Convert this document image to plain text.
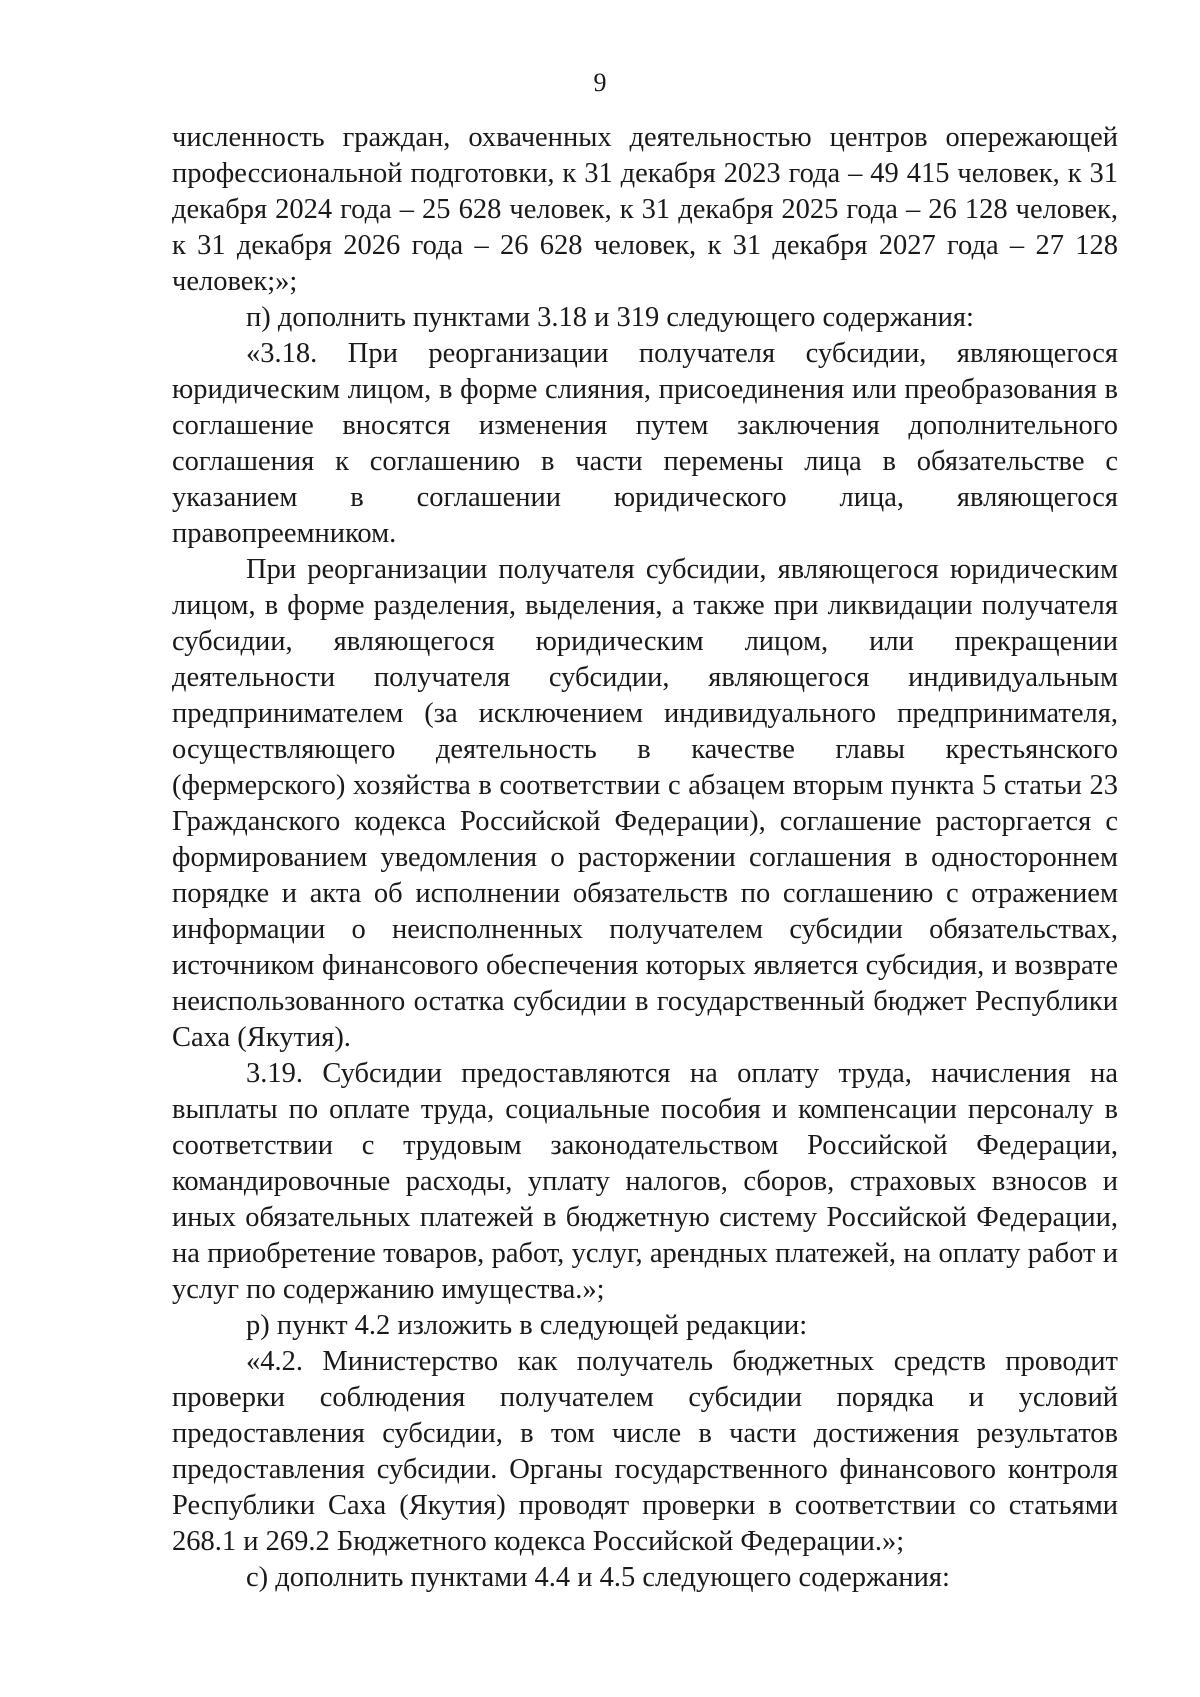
9

численность граждан, охваченных деятельностью центров опережающей профессиональной подготовки, к 31 декабря 2023 года – 49 415 человек, к 31 декабря 2024 года – 25 628 человек, к 31 декабря 2025 года – 26 128 человек, к 31 декабря 2026 года – 26 628 человек, к 31 декабря 2027 года – 27 128 человек;»;

п) дополнить пунктами 3.18 и 319 следующего содержания:

«3.18. При реорганизации получателя субсидии, являющегося юридическим лицом, в форме слияния, присоединения или преобразования в соглашение вносятся изменения путем заключения дополнительного соглашения к соглашению в части перемены лица в обязательстве с указанием в соглашении юридического лица, являющегося правопреемником.

При реорганизации получателя субсидии, являющегося юридическим лицом, в форме разделения, выделения, а также при ликвидации получателя субсидии, являющегося юридическим лицом, или прекращении деятельности получателя субсидии, являющегося индивидуальным предпринимателем (за исключением индивидуального предпринимателя, осуществляющего деятельность в качестве главы крестьянского (фермерского) хозяйства в соответствии с абзацем вторым пункта 5 статьи 23 Гражданского кодекса Российской Федерации), соглашение расторгается с формированием уведомления о расторжении соглашения в одностороннем порядке и акта об исполнении обязательств по соглашению с отражением информации о неисполненных получателем субсидии обязательствах, источником финансового обеспечения которых является субсидия, и возврате неиспользованного остатка субсидии в государственный бюджет Республики Саха (Якутия).

3.19. Субсидии предоставляются на оплату труда, начисления на выплаты по оплате труда, социальные пособия и компенсации персоналу в соответствии с трудовым законодательством Российской Федерации, командировочные расходы, уплату налогов, сборов, страховых взносов и иных обязательных платежей в бюджетную систему Российской Федерации, на приобретение товаров, работ, услуг, арендных платежей, на оплату работ и услуг по содержанию имущества.»;

р) пункт 4.2 изложить в следующей редакции:

«4.2. Министерство как получатель бюджетных средств проводит проверки соблюдения получателем субсидии порядка и условий предоставления субсидии, в том числе в части достижения результатов предоставления субсидии. Органы государственного финансового контроля Республики Саха (Якутия) проводят проверки в соответствии со статьями 268.1 и 269.2 Бюджетного кодекса Российской Федерации.»;

с) дополнить пунктами 4.4 и 4.5 следующего содержания:
